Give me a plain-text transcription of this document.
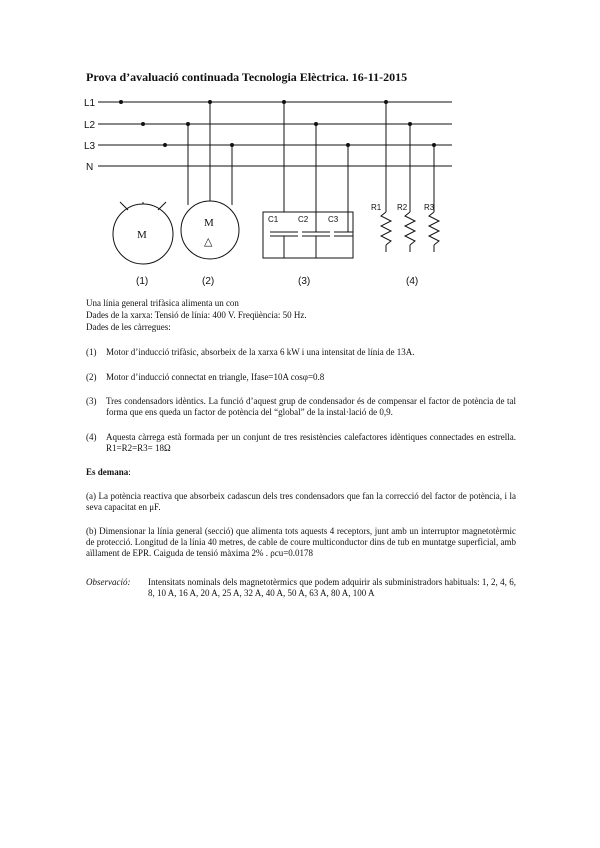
Prova d’avaluació continuada Tecnologia Elèctrica. 16-11-2015
L1
L2
L3
N
M
M
△
C1 C2 C3
R1 R2 R3
(1)	(2)	(3)	(4)
Una línia general trifàsica alimenta un con
Dades de la xarxa: Tensió de línia: 400 V. Freqüència: 50 Hz.
Dades de les càrregues:
(1)	Motor d’inducció trifàsic, absorbeix de la xarxa 6 kW i una intensitat de línia de 13A.
(2)	Motor d’inducció connectat en triangle, Ifase=10A cosφ=0.8
(3)	Tres condensadors idèntics. La funció d’aquest grup de condensador és de compensar el factor de potència de tal forma que ens queda un factor de potència del “global” de la instal·lació de 0,9.
(4)	Aquesta càrrega està formada per un conjunt de tres resistències calefactores idèntiques connectades en estrella. R1=R2=R3= 18Ω
Es demana:
(a) La potència reactiva que absorbeix cadascun dels tres condensadors que fan la correcció del factor de potència, i la seva capacitat en μF.
(b) Dimensionar la línia general (secció) que alimenta tots aquests 4 receptors, junt amb un interruptor magnetotèrmic de protecció. Longitud de la línia 40 metres, de cable de coure multiconductor dins de tub en muntatge superficial, amb aïllament de EPR. Caiguda de tensió màxima 2% . ρcu=0.0178
Observació:	Intensitats nominals dels magnetotèrmics que podem adquirir als subministradors habituals: 1, 2, 4, 6, 8, 10 A, 16 A, 20 A, 25 A, 32 A, 40 A, 50 A, 63 A, 80 A, 100 A
